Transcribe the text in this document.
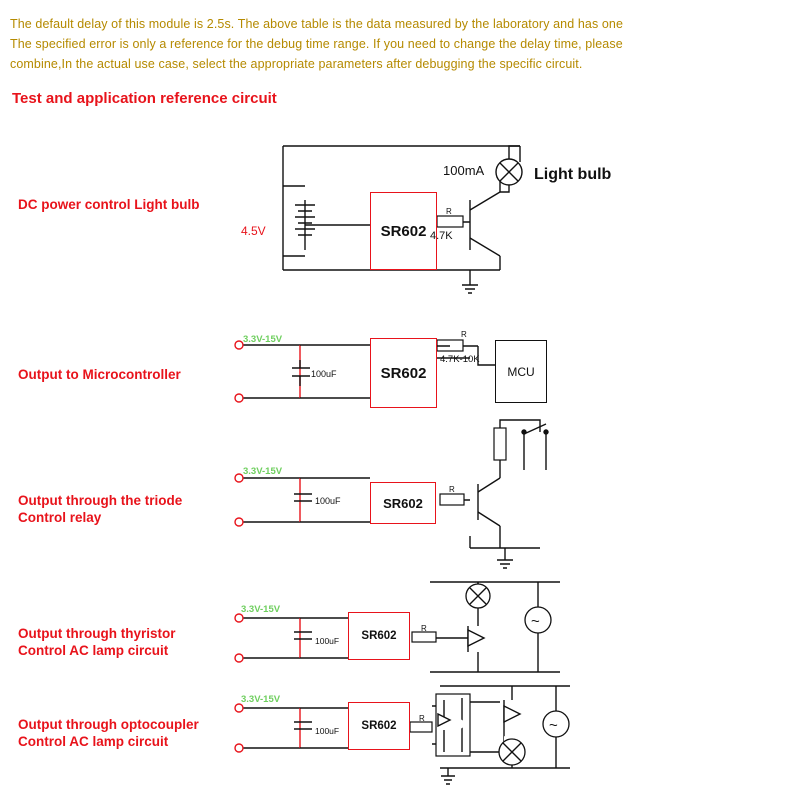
The default delay of this module is 2.5s. The above table is the data measured by the laboratory and has one
The specified error is only a reference for the debug time range. If you need to change the delay time, please
combine,In the actual use case, select the appropriate parameters after debugging the specific circuit.
Test and application reference circuit
DC power control Light bulb
Output to Microcontroller
Output through the triode
Control relay
Output through thyristor
Control AC lamp circuit
Output through optocoupler
Control AC lamp circuit
~
~
SR602
4.5V
100mA	Light bulb
R
4.7K
SR602	MCU
3.3V-15V
100uF
R
4.7K-10K
SR602
3.3V-15V
100uF
R
SR602
3.3V-15V
100uF
R
SR602
3.3V-15V
100uF
R
